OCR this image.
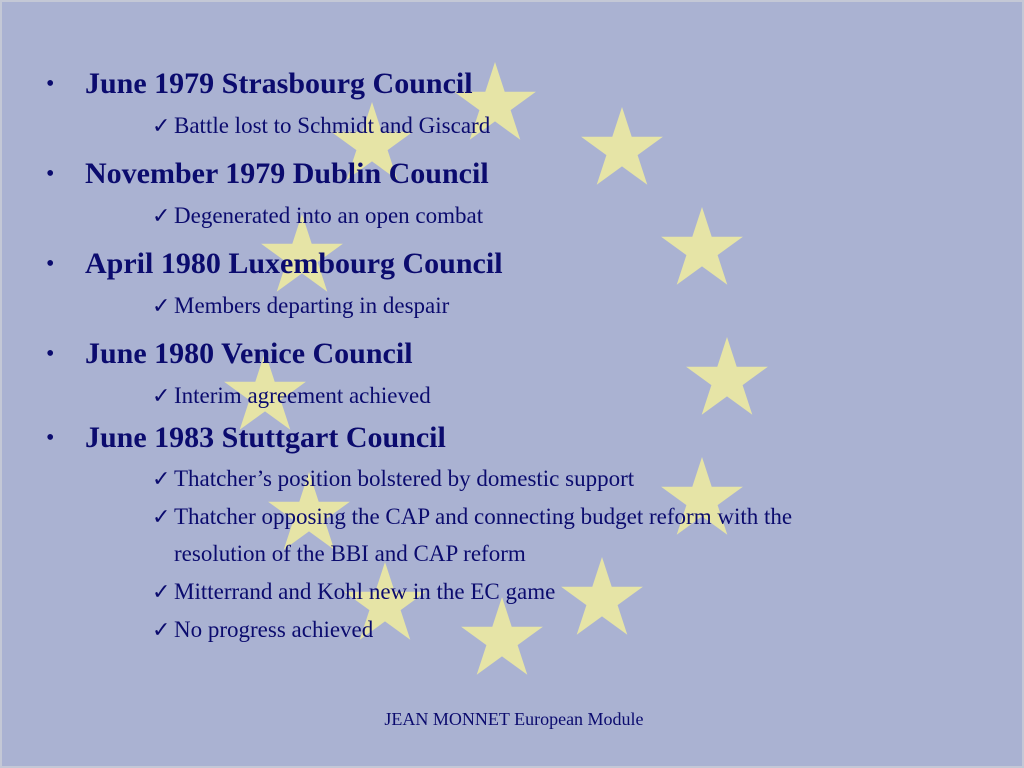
• June 1979 Strasbourg Council
✓ Battle lost to Schmidt and Giscard
• November 1979 Dublin Council
✓ Degenerated into an open combat
• April 1980 Luxembourg Council
✓ Members departing in despair
• June 1980 Venice Council
✓ Interim agreement achieved
• June 1983 Stuttgart Council
✓ Thatcher’s position bolstered by domestic support
✓ Thatcher opposing the CAP and connecting budget reform with the
resolution of the BBI and CAP reform
✓ Mitterrand and Kohl new in the EC game
✓ No progress achieved
JEAN MONNET European Module
